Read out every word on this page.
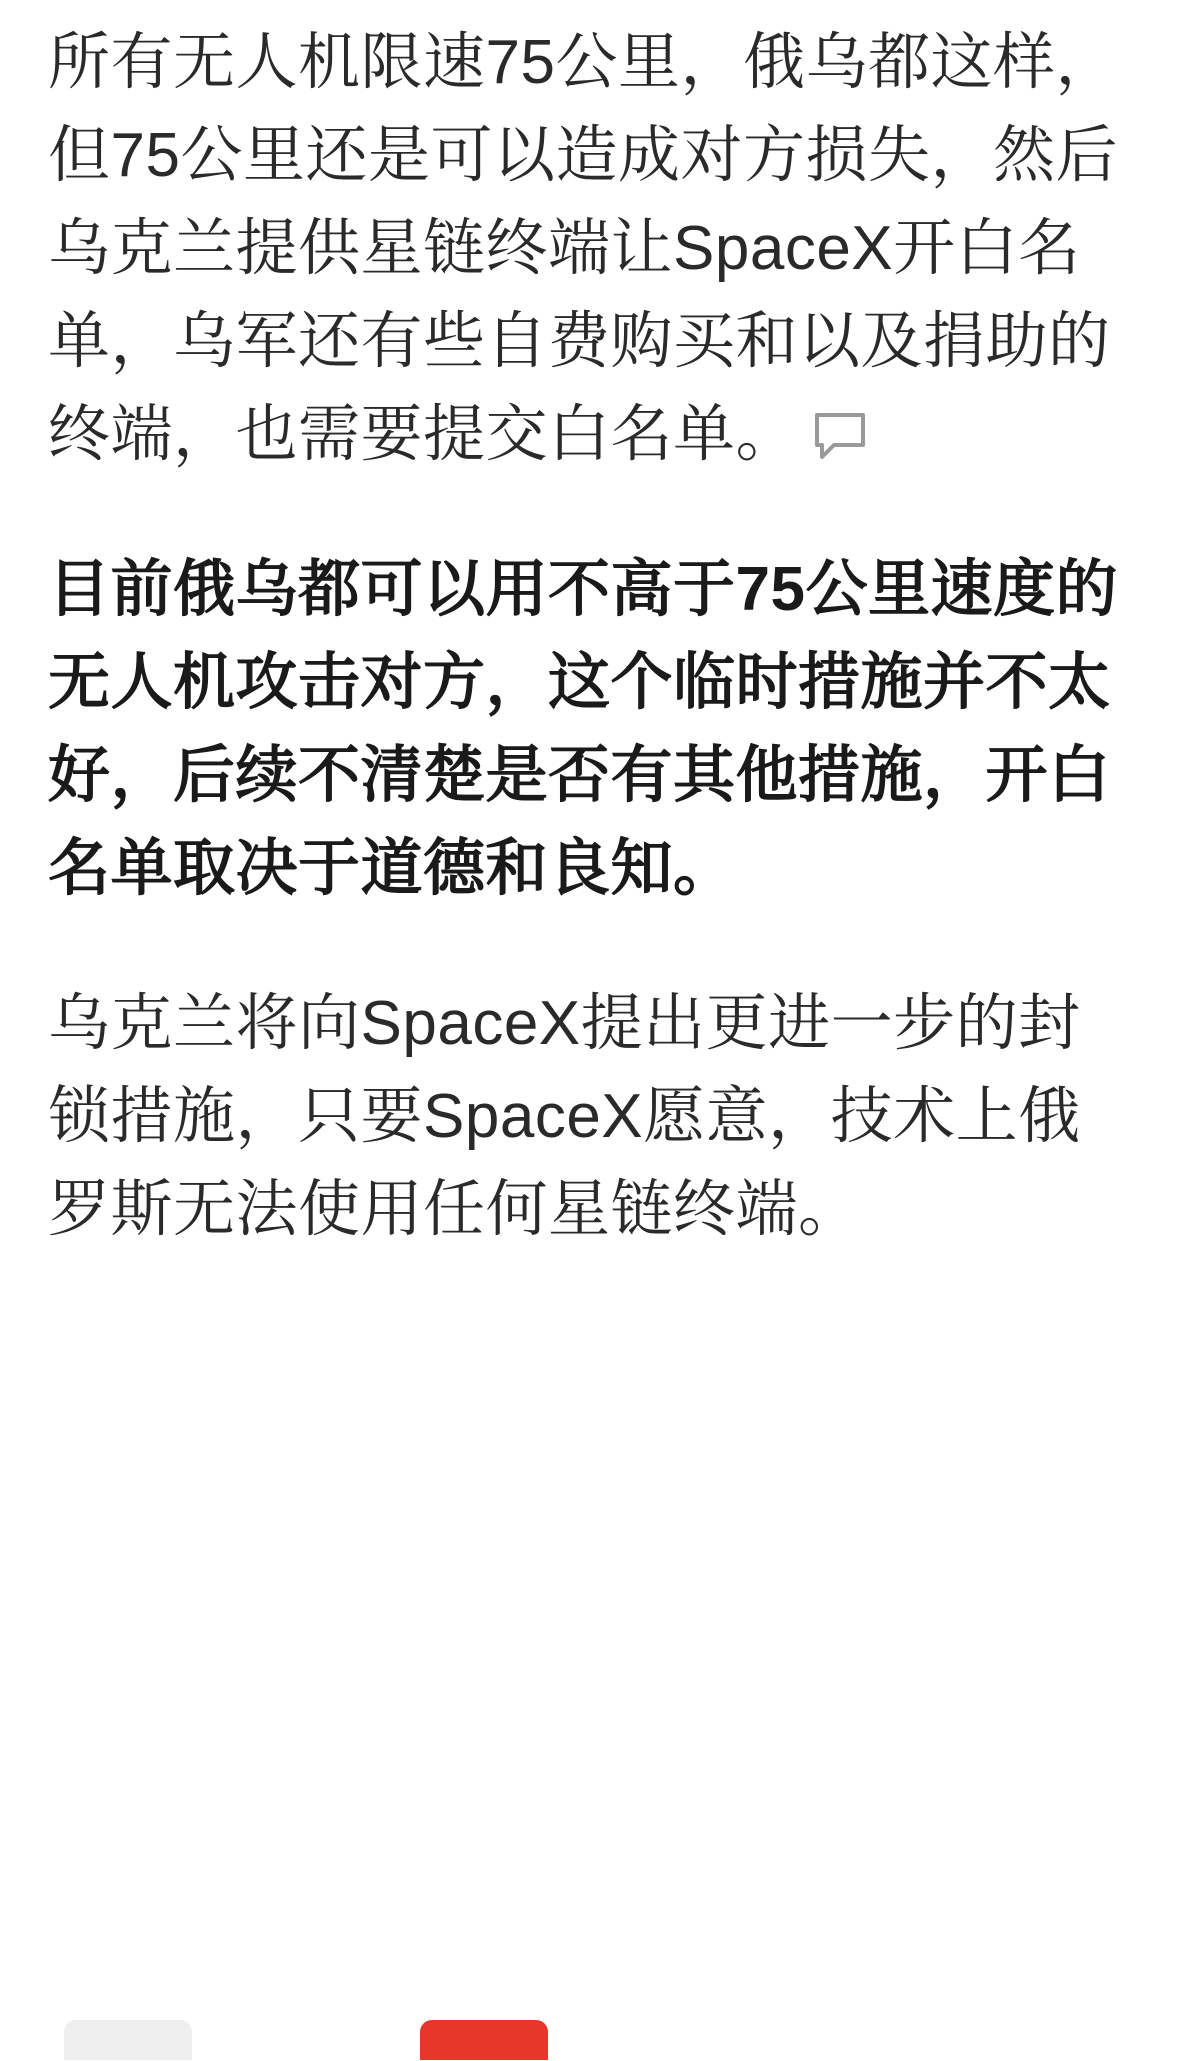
所有无人机限速75公里，俄乌都这样，但75公里还是可以造成对方损失，然后乌克兰提供星链终端让SpaceX开白名单，乌军还有些自费购买和以及捐助的终端，也需要提交白名单。

目前俄乌都可以用不高于75公里速度的无人机攻击对方，这个临时措施并不太好，后续不清楚是否有其他措施，开白名单取决于道德和良知。

乌克兰将向SpaceX提出更进一步的封锁措施，只要SpaceX愿意，技术上俄罗斯无法使用任何星链终端。
